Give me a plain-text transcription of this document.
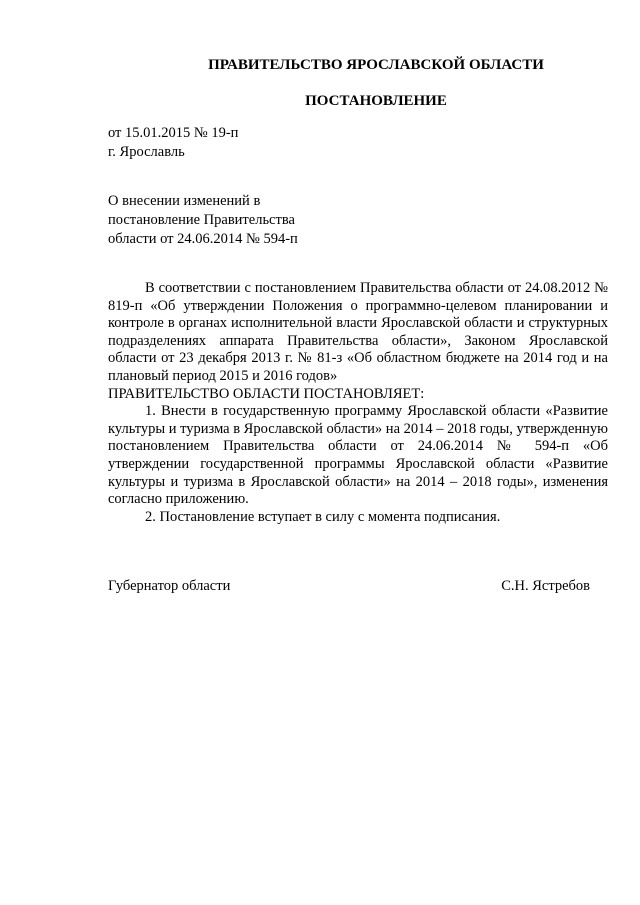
ПРАВИТЕЛЬСТВО ЯРОСЛАВСКОЙ ОБЛАСТИ
ПОСТАНОВЛЕНИЕ
от 15.01.2015 № 19-п
г. Ярославль
О внесении изменений в
постановление Правительства
области от 24.06.2014 № 594-п

В соответствии с постановлением Правительства области от 24.08.2012 № 819-п «Об утверждении Положения о программно-целевом планировании и контроле в органах исполнительной власти Ярославской области и структурных подразделениях аппарата Правительства области», Законом Ярославской области от 23 декабря 2013 г. № 81-з «Об областном бюджете на 2014 год и на плановый период 2015 и 2016 годов»

ПРАВИТЕЛЬСТВО ОБЛАСТИ ПОСТАНОВЛЯЕТ:

1. Внести в государственную программу Ярославской области «Развитие культуры и туризма в Ярославской области» на 2014 – 2018 годы, утвержденную постановлением Правительства области от 24.06.2014 № 594-п «Об утверждении государственной программы Ярославской области «Развитие культуры и туризма в Ярославской области» на 2014 – 2018 годы», изменения согласно приложению.

2. Постановление вступает в силу с момента подписания.

Губернатор области	С.Н. Ястребов
